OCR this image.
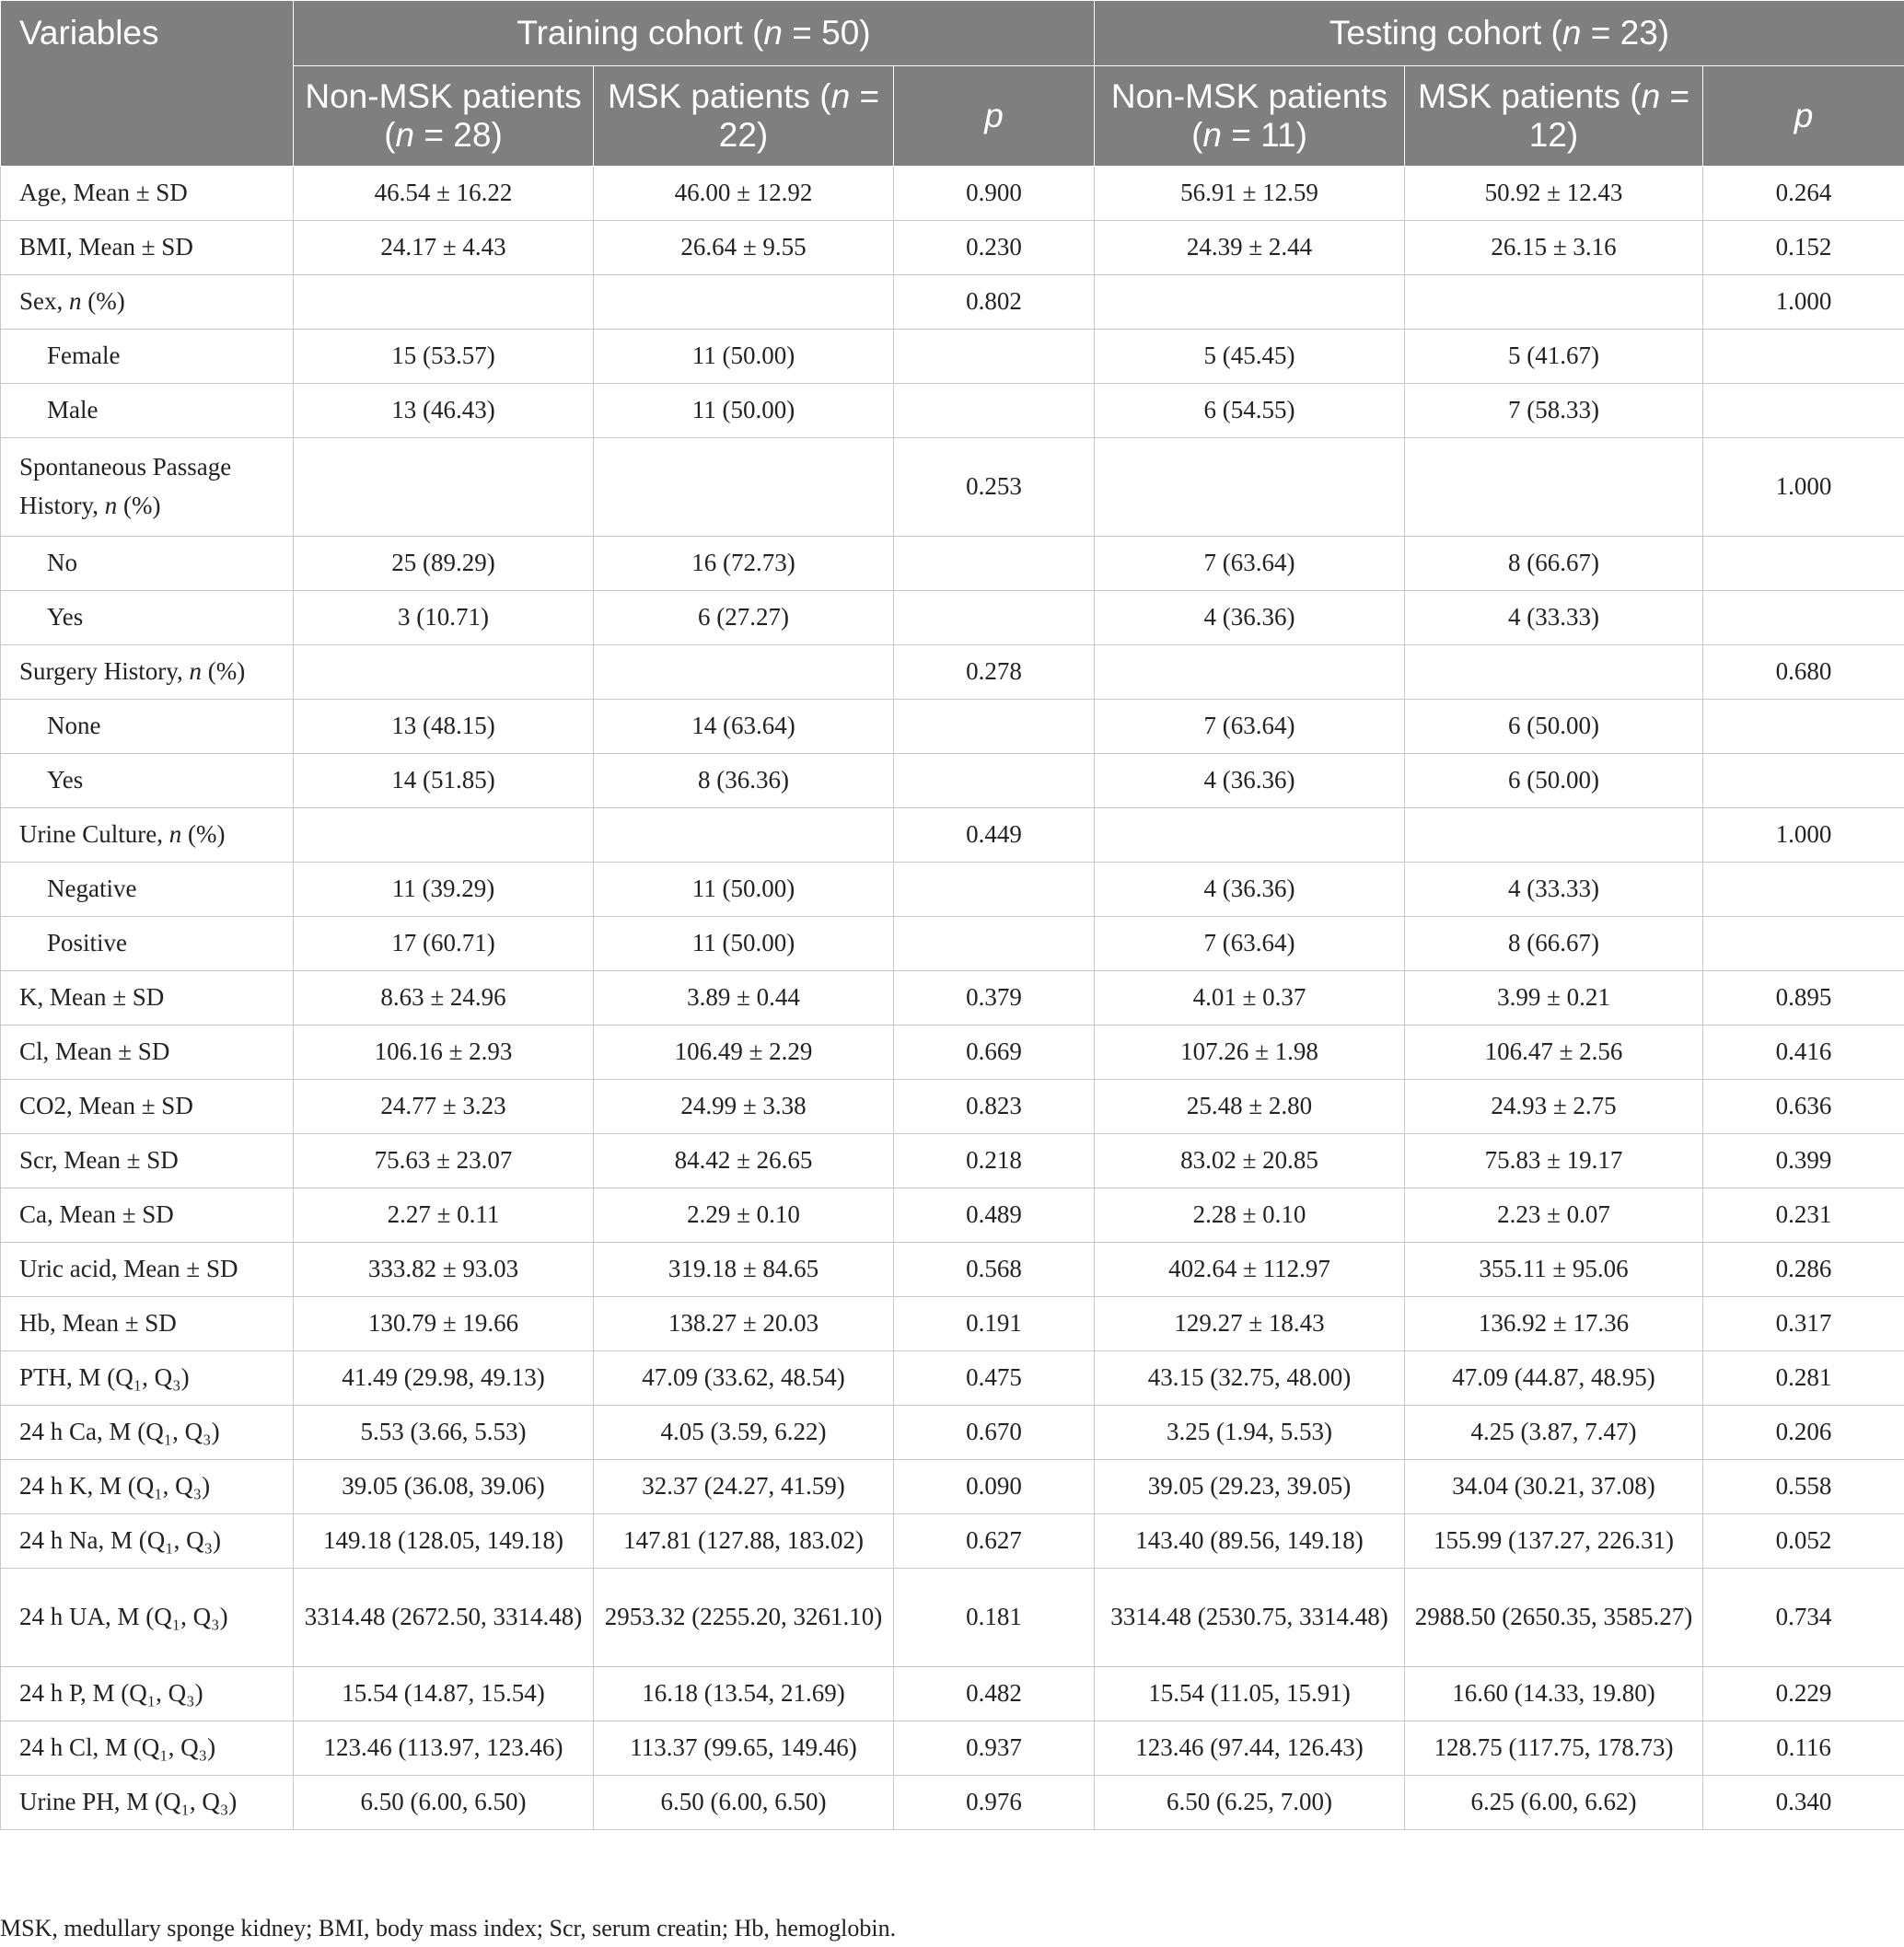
Variables	Training cohort (n = 50)			Testing cohort (n = 23)		
	Non-MSK patients (n = 28)	MSK patients (n = 22)	p	Non-MSK patients (n = 11)	MSK patients (n = 12)	p
Age, Mean ± SD	46.54 ± 16.22	46.00 ± 12.92	0.900	56.91 ± 12.59	50.92 ± 12.43	0.264
BMI, Mean ± SD	24.17 ± 4.43	26.64 ± 9.55	0.230	24.39 ± 2.44	26.15 ± 3.16	0.152
Sex, n (%)			0.802			1.000
Female	15 (53.57)	11 (50.00)		5 (45.45)	5 (41.67)	
Male	13 (46.43)	11 (50.00)		6 (54.55)	7 (58.33)	
Spontaneous Passage History, n (%)			0.253			1.000
No	25 (89.29)	16 (72.73)		7 (63.64)	8 (66.67)	
Yes	3 (10.71)	6 (27.27)		4 (36.36)	4 (33.33)	
Surgery History, n (%)			0.278			0.680
None	13 (48.15)	14 (63.64)		7 (63.64)	6 (50.00)	
Yes	14 (51.85)	8 (36.36)		4 (36.36)	6 (50.00)	
Urine Culture, n (%)			0.449			1.000
Negative	11 (39.29)	11 (50.00)		4 (36.36)	4 (33.33)	
Positive	17 (60.71)	11 (50.00)		7 (63.64)	8 (66.67)	
K, Mean ± SD	8.63 ± 24.96	3.89 ± 0.44	0.379	4.01 ± 0.37	3.99 ± 0.21	0.895
Cl, Mean ± SD	106.16 ± 2.93	106.49 ± 2.29	0.669	107.26 ± 1.98	106.47 ± 2.56	0.416
CO2, Mean ± SD	24.77 ± 3.23	24.99 ± 3.38	0.823	25.48 ± 2.80	24.93 ± 2.75	0.636
Scr, Mean ± SD	75.63 ± 23.07	84.42 ± 26.65	0.218	83.02 ± 20.85	75.83 ± 19.17	0.399
Ca, Mean ± SD	2.27 ± 0.11	2.29 ± 0.10	0.489	2.28 ± 0.10	2.23 ± 0.07	0.231
Uric acid, Mean ± SD	333.82 ± 93.03	319.18 ± 84.65	0.568	402.64 ± 112.97	355.11 ± 95.06	0.286
Hb, Mean ± SD	130.79 ± 19.66	138.27 ± 20.03	0.191	129.27 ± 18.43	136.92 ± 17.36	0.317
PTH, M (Q₁, Q₃)	41.49 (29.98, 49.13)	47.09 (33.62, 48.54)	0.475	43.15 (32.75, 48.00)	47.09 (44.87, 48.95)	0.281
24 h Ca, M (Q₁, Q₃)	5.53 (3.66, 5.53)	4.05 (3.59, 6.22)	0.670	3.25 (1.94, 5.53)	4.25 (3.87, 7.47)	0.206
24 h K, M (Q₁, Q₃)	39.05 (36.08, 39.06)	32.37 (24.27, 41.59)	0.090	39.05 (29.23, 39.05)	34.04 (30.21, 37.08)	0.558
24 h Na, M (Q₁, Q₃)	149.18 (128.05, 149.18)	147.81 (127.88, 183.02)	0.627	143.40 (89.56, 149.18)	155.99 (137.27, 226.31)	0.052
24 h UA, M (Q₁, Q₃)	3314.48 (2672.50, 3314.48)	2953.32 (2255.20, 3261.10)	0.181	3314.48 (2530.75, 3314.48)	2988.50 (2650.35, 3585.27)	0.734
24 h P, M (Q₁, Q₃)	15.54 (14.87, 15.54)	16.18 (13.54, 21.69)	0.482	15.54 (11.05, 15.91)	16.60 (14.33, 19.80)	0.229
24 h Cl, M (Q₁, Q₃)	123.46 (113.97, 123.46)	113.37 (99.65, 149.46)	0.937	123.46 (97.44, 126.43)	128.75 (117.75, 178.73)	0.116
Urine PH, M (Q₁, Q₃)	6.50 (6.00, 6.50)	6.50 (6.00, 6.50)	0.976	6.50 (6.25, 7.00)	6.25 (6.00, 6.62)	0.340
MSK, medullary sponge kidney; BMI, body mass index; Scr, serum creatin; Hb, hemoglobin.
